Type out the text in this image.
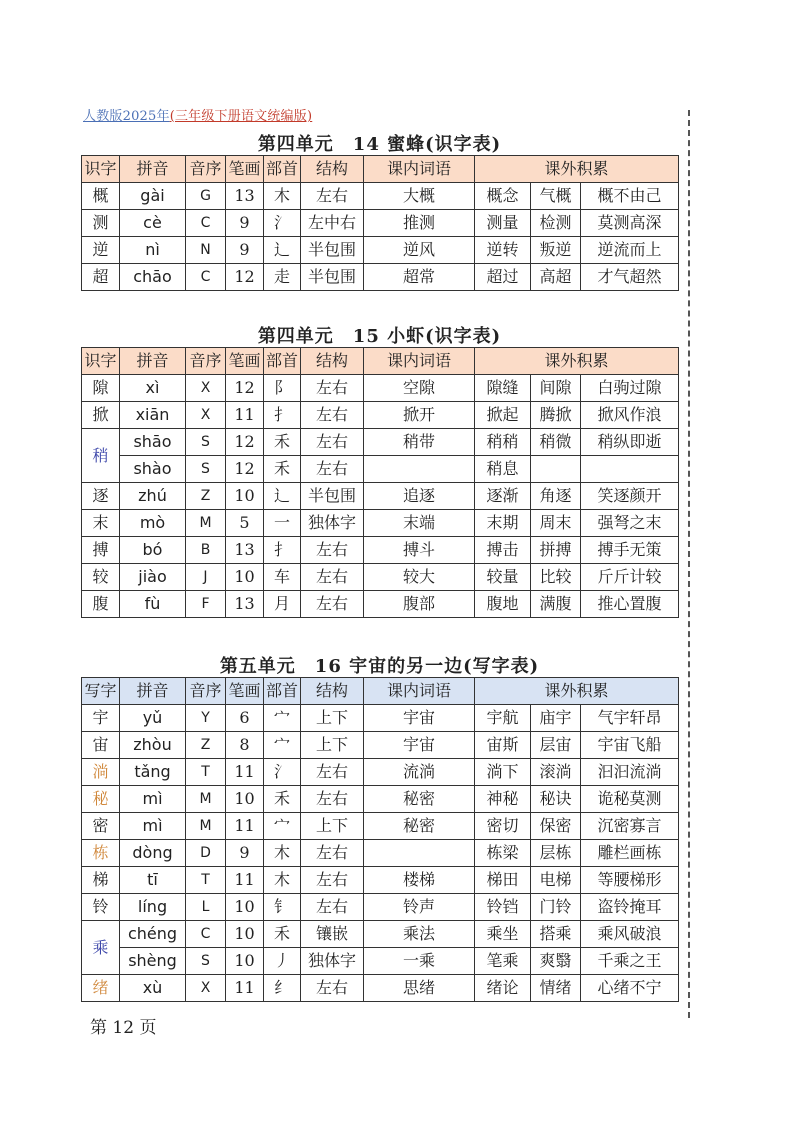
人教版2025年(三年级下册语文统编版)
第四单元　14 蜜蜂(识字表)
识字	拼音	音序	笔画	部首	结构	课内词语	课外积累		
概	gài	G	13	木	左右	大概	概念	气概	概不由己
测	cè	C	9	氵	左中右	推测	测量	检测	莫测高深
逆	nì	N	9	辶	半包围	逆风	逆转	叛逆	逆流而上
超	chāo	C	12	走	半包围	超常	超过	高超	才气超然
第四单元　15 小虾(识字表)
识字	拼音	音序	笔画	部首	结构	课内词语	课外积累		
隙	xì	X	12	阝	左右	空隙	隙缝	间隙	白驹过隙
掀	xiān	X	11	扌	左右	掀开	掀起	腾掀	掀风作浪
稍	shāo	S	12	禾	左右	稍带	稍稍	稍微	稍纵即逝
	shào	S	12	禾	左右		稍息		
逐	zhú	Z	10	辶	半包围	追逐	逐渐	角逐	笑逐颜开
末	mò	M	5	一	独体字	末端	末期	周末	强弩之末
搏	bó	B	13	扌	左右	搏斗	搏击	拼搏	搏手无策
较	jiào	J	10	车	左右	较大	较量	比较	斤斤计较
腹	fù	F	13	月	左右	腹部	腹地	满腹	推心置腹
第五单元　16 宇宙的另一边(写字表)
写字	拼音	音序	笔画	部首	结构	课内词语	课外积累		
宇	yǔ	Y	6	宀	上下	宇宙	宇航	庙宇	气宇轩昂
宙	zhòu	Z	8	宀	上下	宇宙	宙斯	层宙	宇宙飞船
淌	tǎng	T	11	氵	左右	流淌	淌下	滚淌	汩汩流淌
秘	mì	M	10	禾	左右	秘密	神秘	秘诀	诡秘莫测
密	mì	M	11	宀	上下	秘密	密切	保密	沉密寡言
栋	dòng	D	9	木	左右		栋梁	层栋	雕栏画栋
梯	tī	T	11	木	左右	楼梯	梯田	电梯	等腰梯形
铃	líng	L	10	钅	左右	铃声	铃铛	门铃	盗铃掩耳
乘	chéng	C	10	禾	镶嵌	乘法	乘坐	搭乘	乘风破浪
	shèng	S	10	丿	独体字	一乘	笔乘	爽翳	千乘之王
绪	xù	X	11	纟	左右	思绪	绪论	情绪	心绪不宁
第 12 页
